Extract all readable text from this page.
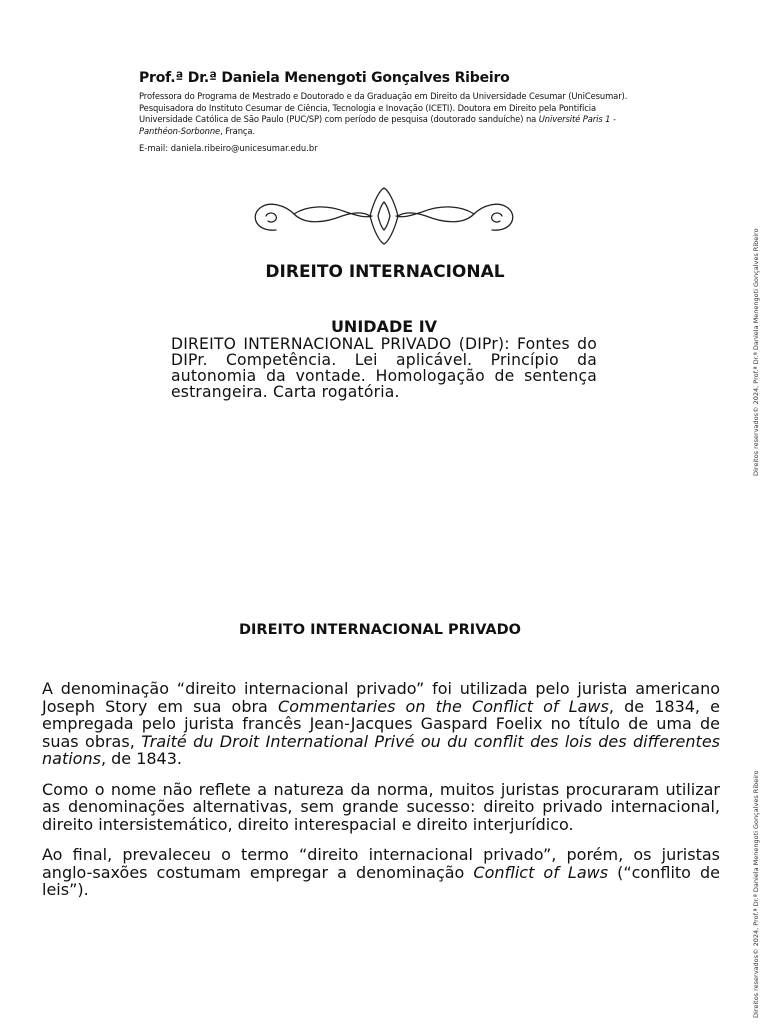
Prof.ª Dr.ª Daniela Menengoti Gonçalves Ribeiro

Professora do Programa de Mestrado e Doutorado e da Graduação em Direito da Universidade Cesumar (UniCesumar). Pesquisadora do Instituto Cesumar de Ciência, Tecnologia e Inovação (ICETI). Doutora em Direito pela Pontifícia Universidade Católica de São Paulo (PUC/SP) com período de pesquisa (doutorado sanduíche) na Université Paris 1 - Panthéon-Sorbonne, França.

E-mail: daniela.ribeiro@unicesumar.edu.br

DIREITO INTERNACIONAL
UNIDADE IV

DIREITO INTERNACIONAL PRIVADO (DIPr): Fontes do DIPr. Competência. Lei aplicável. Princípio da autonomia da vontade. Homologação de sentença estrangeira. Carta rogatória.

DIREITO INTERNACIONAL PRIVADO

A denominação “direito internacional privado” foi utilizada pelo jurista americano Joseph Story em sua obra Commentaries on the Conflict of Laws, de 1834, e empregada pelo jurista francês Jean-Jacques Gaspard Foelix no título de uma de suas obras, Traité du Droit International Privé ou du conflit des lois des differentes nations, de 1843.

Como o nome não reflete a natureza da norma, muitos juristas procuraram utilizar as denominações alternativas, sem grande sucesso: direito privado internacional, direito intersistemático, direito interespacial e direito interjurídico.

Ao final, prevaleceu o termo “direito internacional privado”, porém, os juristas anglo-saxões costumam empregar a denominação Conflict of Laws (“conflito de leis”).

Direitos reservados© 2024, Prof.ª Dr.ª Daniela Menengoti Gonçalves Ribeiro
Direitos reservados© 2024, Prof.ª Dr.ª Daniela Menengoti Gonçalves Ribeiro
